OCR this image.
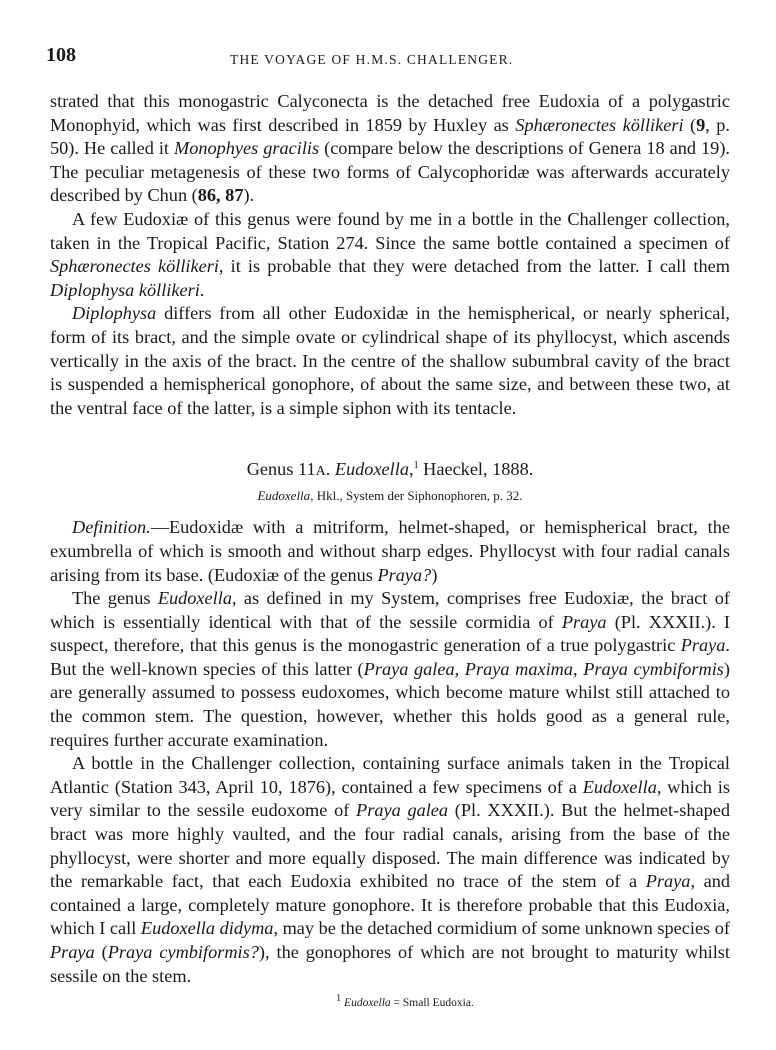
108	THE VOYAGE OF H.M.S. CHALLENGER.

strated that this monogastric Calyconecta is the detached free Eudoxia of a polygastric Monophyid, which was first described in 1859 by Huxley as Sphæronectes köllikeri (9, p. 50). He called it Monophyes gracilis (compare below the descriptions of Genera 18 and 19). The peculiar metagenesis of these two forms of Calycophoridæ was afterwards accurately described by Chun (86, 87).

A few Eudoxiæ of this genus were found by me in a bottle in the Challenger collection, taken in the Tropical Pacific, Station 274. Since the same bottle contained a specimen of Sphæronectes köllikeri, it is probable that they were detached from the latter. I call them Diplophysa köllikeri.

Diplophysa differs from all other Eudoxidæ in the hemispherical, or nearly spherical, form of its bract, and the simple ovate or cylindrical shape of its phyllocyst, which ascends vertically in the axis of the bract. In the centre of the shallow subumbral cavity of the bract is suspended a hemispherical gonophore, of about the same size, and between these two, at the ventral face of the latter, is a simple siphon with its tentacle.

Genus 11A. Eudoxella,$^1$ Haeckel, 1888.
Eudoxella, Hkl., System der Siphonophoren, p. 32.

Definition.—Eudoxidæ with a mitriform, helmet-shaped, or hemispherical bract, the exumbrella of which is smooth and without sharp edges. Phyllocyst with four radial canals arising from its base. (Eudoxiæ of the genus Praya?)

The genus Eudoxella, as defined in my System, comprises free Eudoxiæ, the bract of which is essentially identical with that of the sessile cormidia of Praya (Pl. XXXII.). I suspect, therefore, that this genus is the monogastric generation of a true polygastric Praya. But the well-known species of this latter (Praya galea, Praya maxima, Praya cymbiformis) are generally assumed to possess eudoxomes, which become mature whilst still attached to the common stem. The question, however, whether this holds good as a general rule, requires further accurate examination.

A bottle in the Challenger collection, containing surface animals taken in the Tropical Atlantic (Station 343, April 10, 1876), contained a few specimens of a Eudoxella, which is very similar to the sessile eudoxome of Praya galea (Pl. XXXII.). But the helmet-shaped bract was more highly vaulted, and the four radial canals, arising from the base of the phyllocyst, were shorter and more equally disposed. The main difference was indicated by the remarkable fact, that each Eudoxia exhibited no trace of the stem of a Praya, and contained a large, completely mature gonophore. It is therefore probable that this Eudoxia, which I call Eudoxella didyma, may be the detached cormidium of some unknown species of Praya (Praya cymbiformis?), the gonophores of which are not brought to maturity whilst sessile on the stem.

$^1$ Eudoxella = Small Eudoxia.
